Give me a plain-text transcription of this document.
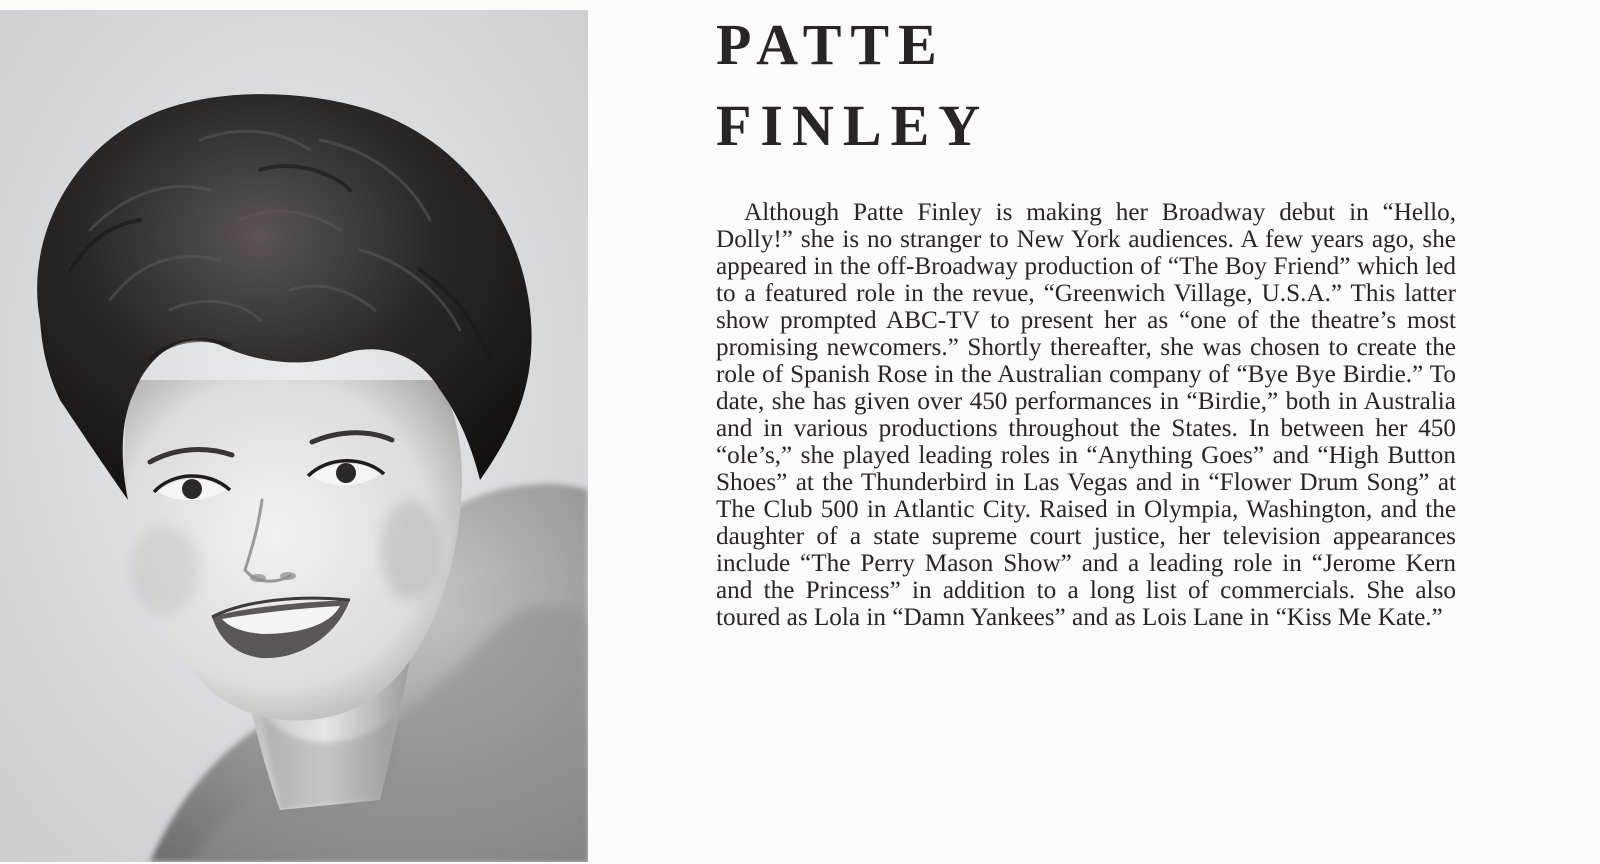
PATTE
FINLEY

Although Patte Finley is making her Broadway debut in “Hello, Dolly!” she is no stranger to New York audiences. A few years ago, she appeared in the off-Broadway production of “The Boy Friend” which led to a featured role in the revue, “Greenwich Village, U.S.A.” This latter show prompted ABC-TV to present her as “one of the theatre’s most promising newcomers.” Shortly thereafter, she was chosen to create the role of Spanish Rose in the Australian company of “Bye Bye Birdie.” To date, she has given over 450 performances in “Birdie,” both in Australia and in various productions throughout the States. In between her 450 “ole’s,” she played leading roles in “Anything Goes” and “High Button Shoes” at the Thunderbird in Las Vegas and in “Flower Drum Song” at The Club 500 in Atlantic City. Raised in Olympia, Washington, and the daughter of a state supreme court justice, her television appearances include “The Perry Mason Show” and a leading role in “Jerome Kern and the Princess” in addition to a long list of commercials. She also toured as Lola in “Damn Yankees” and as Lois Lane in “Kiss Me Kate.”
